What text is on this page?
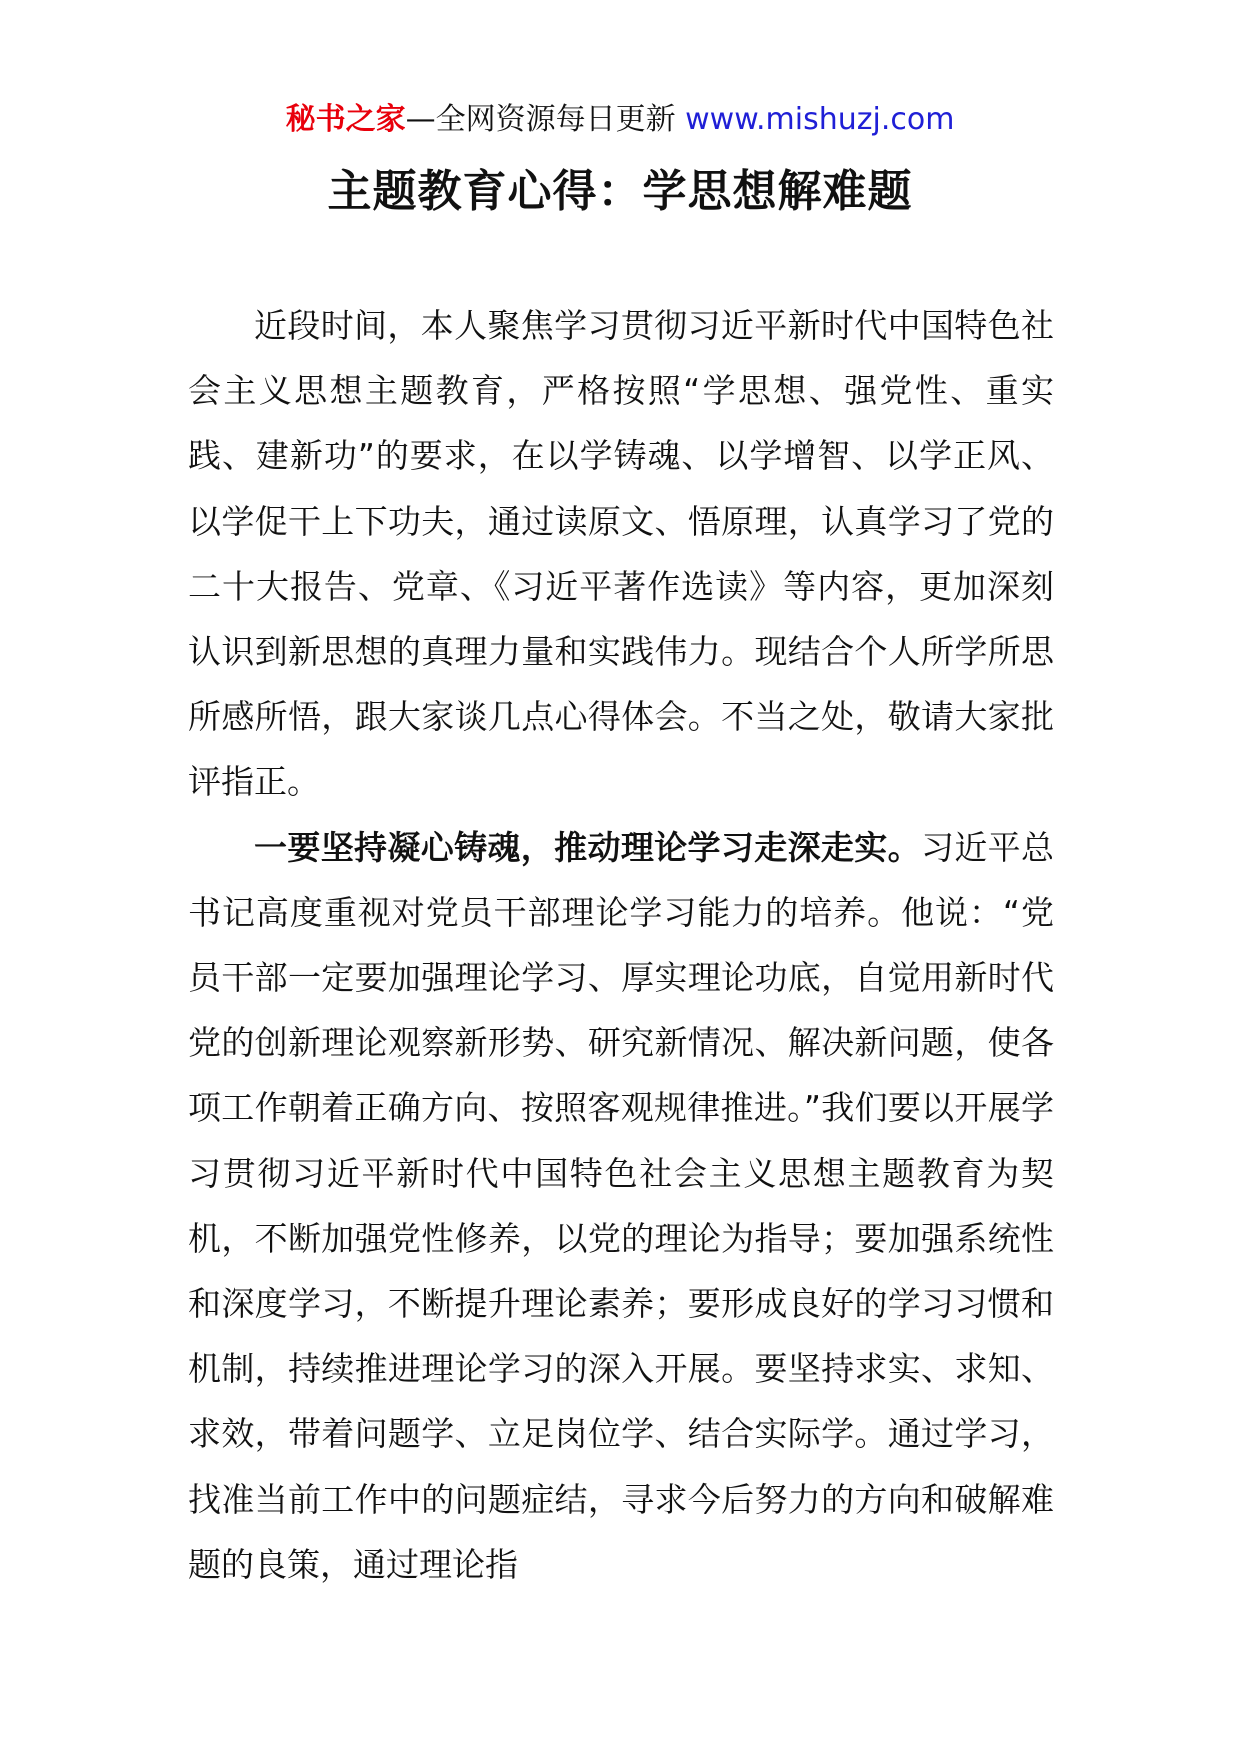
秘书之家—全网资源每日更新 www.mishuzj.com
主题教育心得：学思想解难题

近段时间，本人聚焦学习贯彻习近平新时代中国特色社会主义思想主题教育，严格按照“学思想、强党性、重实践、建新功”的要求，在以学铸魂、以学增智、以学正风、以学促干上下功夫，通过读原文、悟原理，认真学习了党的二十大报告、党章、《习近平著作选读》等内容，更加深刻认识到新思想的真理力量和实践伟力。现结合个人所学所思所感所悟，跟大家谈几点心得体会。不当之处，敬请大家批评指正。

一要坚持凝心铸魂，推动理论学习走深走实。习近平总书记高度重视对党员干部理论学习能力的培养。他说：“党员干部一定要加强理论学习、厚实理论功底，自觉用新时代党的创新理论观察新形势、研究新情况、解决新问题，使各项工作朝着正确方向、按照客观规律推进。”我们要以开展学习贯彻习近平新时代中国特色社会主义思想主题教育为契机，不断加强党性修养，以党的理论为指导；要加强系统性和深度学习，不断提升理论素养；要形成良好的学习习惯和机制，持续推进理论学习的深入开展。要坚持求实、求知、求效，带着问题学、立足岗位学、结合实际学。通过学习，找准当前工作中的问题症结，寻求今后努力的方向和破解难题的良策，通过理论指
